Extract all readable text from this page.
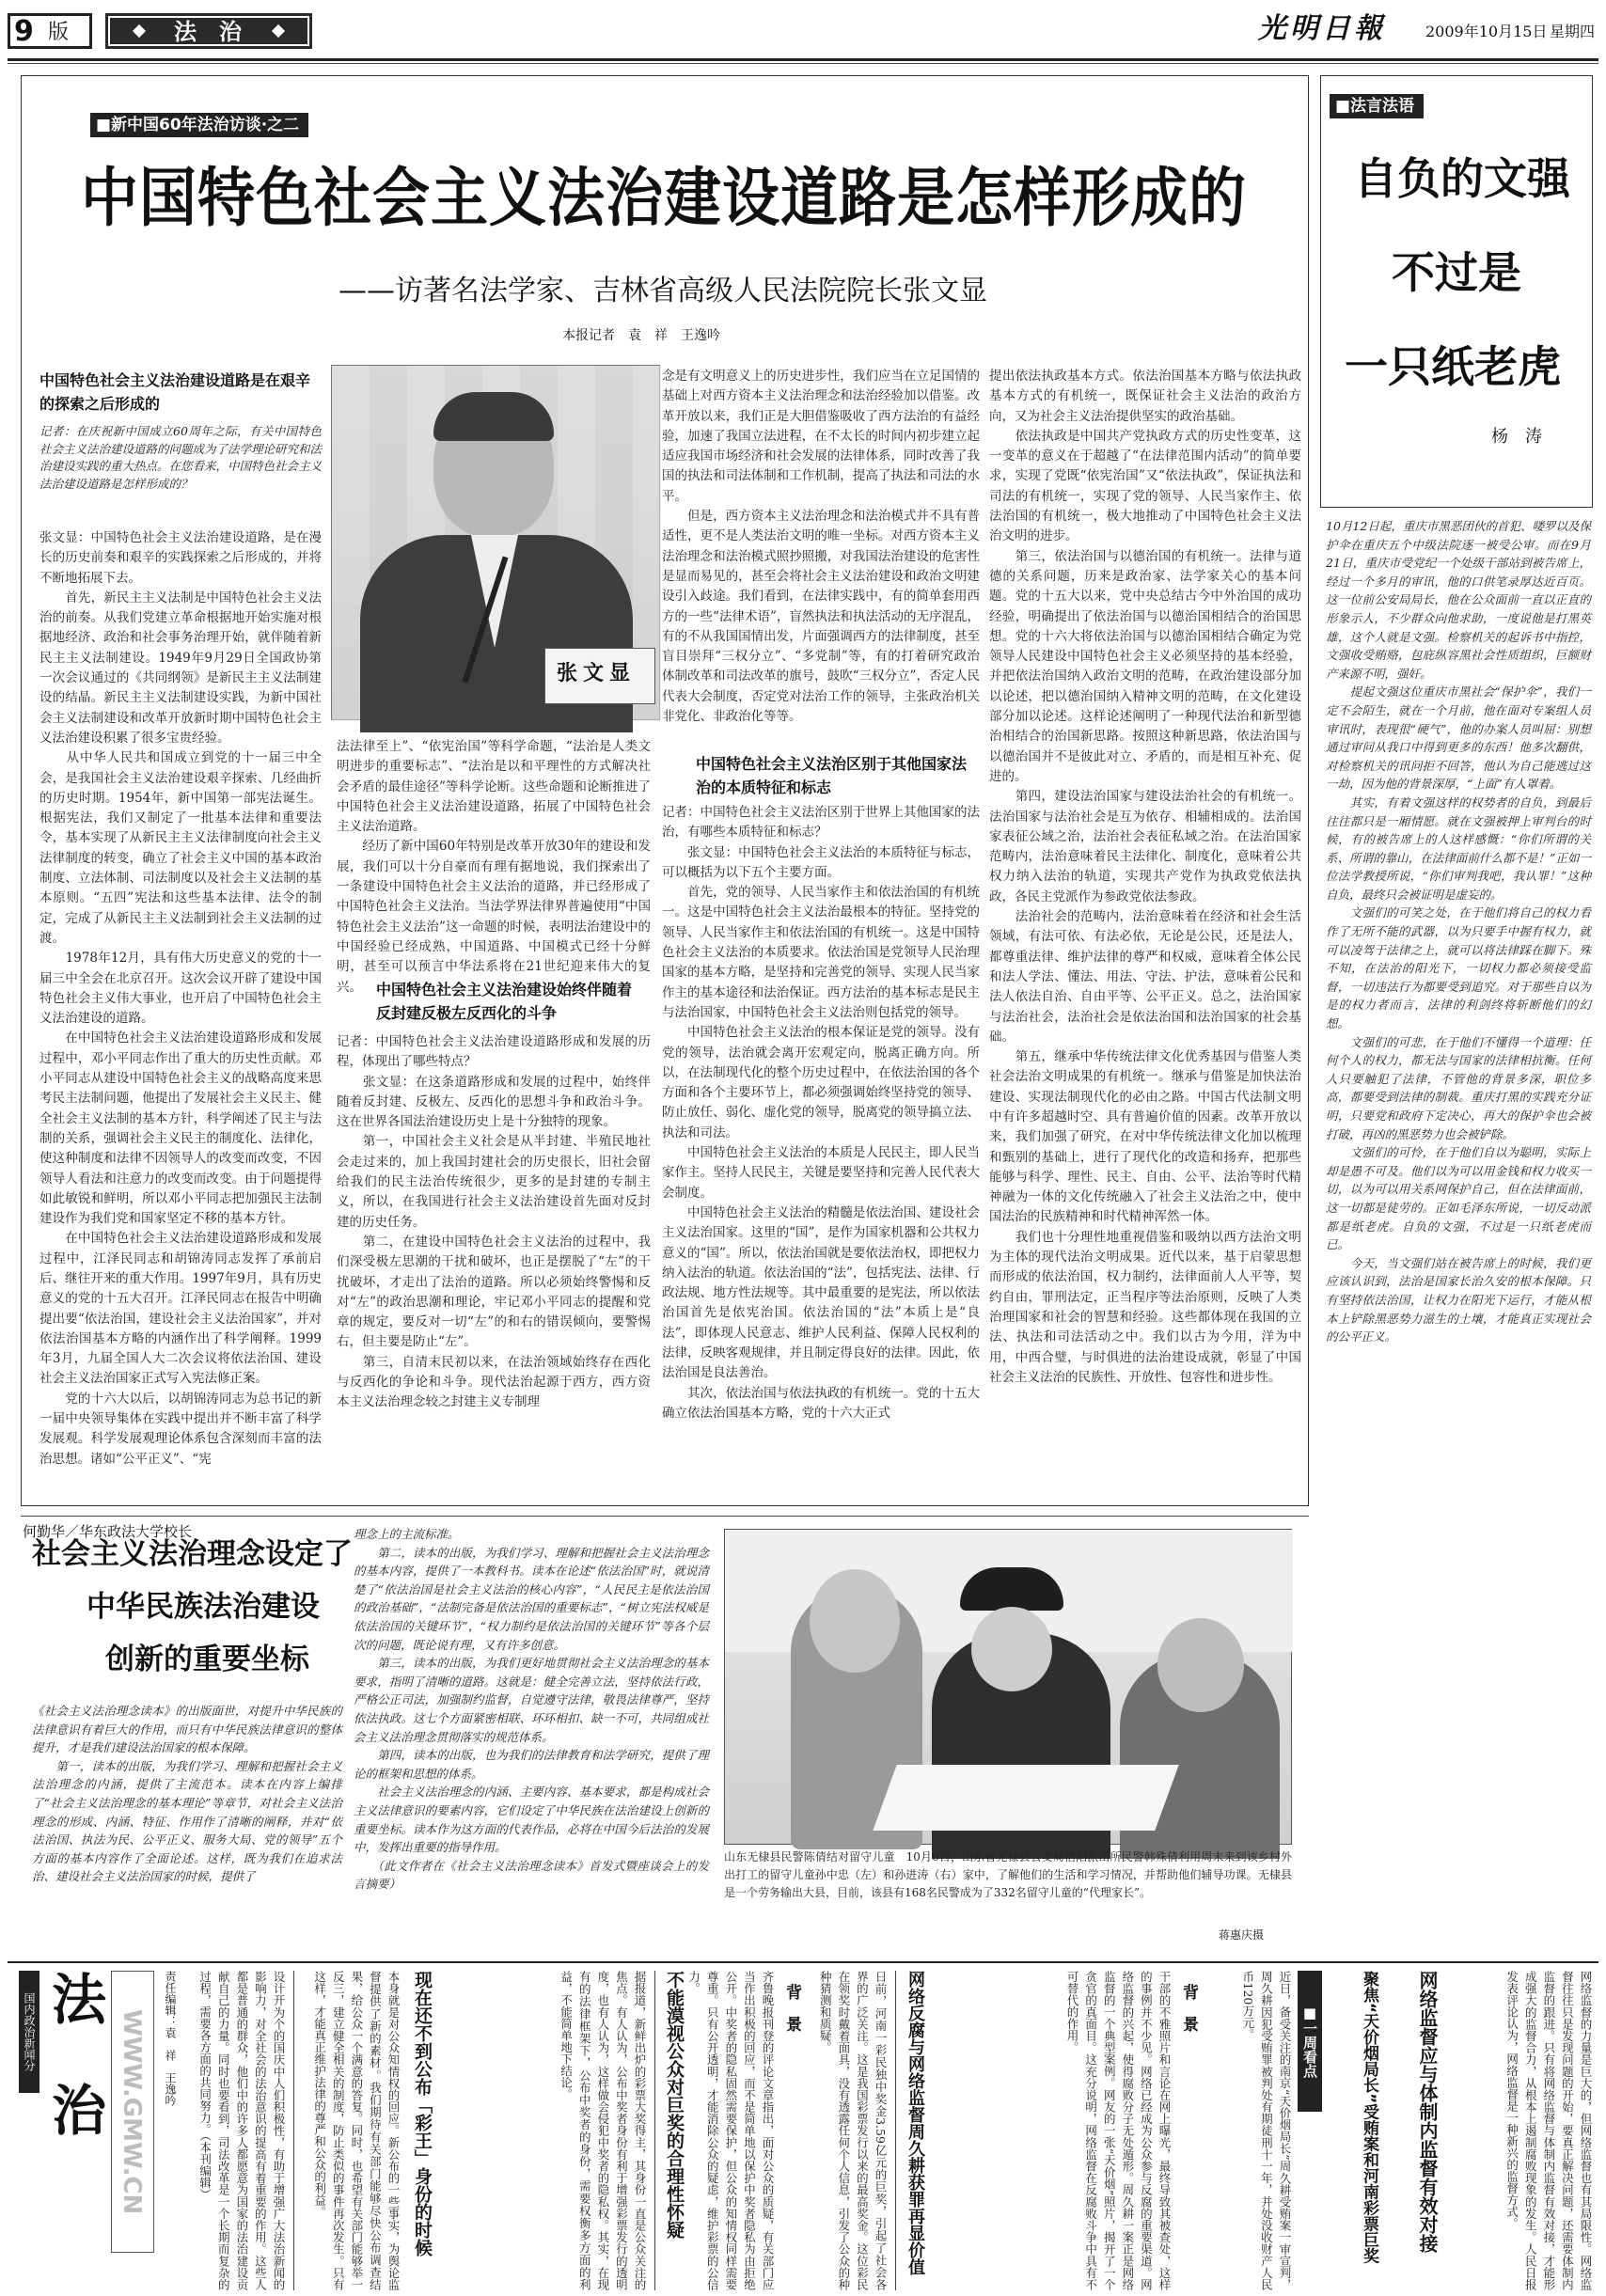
9 版	法　治	光明日報	2009年10月15日 星期四
■新中国60年法治访谈·之二
中国特色社会主义法治建设道路是怎样形成的
——访著名法学家、吉林省高级人民法院院长张文显
本报记者　袁　祥　王逸吟
张文显
中国特色社会主义法治建设道路是在艰辛的探索之后形成的
记者：在庆祝新中国成立60周年之际，有关中国特色社会主义法治建设道路的问题成为了法学理论研究和法治建设实践的重大热点。在您看来，中国特色社会主义法治建设道路是怎样形成的？
张文显：中国特色社会主义法治建设道路，是在漫长的历史前奏和艰辛的实践探索之后形成的，并将不断地拓展下去。
　　首先，新民主主义法制是中国特色社会主义法治的前奏。从我们党建立革命根据地开始实施对根据地经济、政治和社会事务治理开始，就伴随着新民主主义法制建设。1949年9月29日全国政协第一次会议通过的《共同纲领》是新民主主义法制建设的结晶。新民主主义法制建设实践，为新中国社会主义法制建设和改革开放新时期中国特色社会主义法治建设积累了很多宝贵经验。
　　从中华人民共和国成立到党的十一届三中全会，是我国社会主义法治建设艰辛探索、几经曲折的历史时期。1954年，新中国第一部宪法诞生。根据宪法，我们又制定了一批基本法律和重要法令，基本实现了从新民主主义法律制度向社会主义法律制度的转变，确立了社会主义中国的基本政治制度、立法体制、司法制度以及社会主义法制的基本原则。“五四”宪法和这些基本法律、法令的制定，完成了从新民主主义法制到社会主义法制的过渡。
　　1978年12月，具有伟大历史意义的党的十一届三中全会在北京召开。这次会议开辟了建设中国特色社会主义伟大事业，也开启了中国特色社会主义法治建设的道路。
　　在中国特色社会主义法治建设道路形成和发展过程中，邓小平同志作出了重大的历史性贡献。邓小平同志从建设中国特色社会主义的战略高度来思考民主法制问题，他提出了发展社会主义民主、健全社会主义法制的基本方针，科学阐述了民主与法制的关系，强调社会主义民主的制度化、法律化，使这种制度和法律不因领导人的改变而改变，不因领导人看法和注意力的改变而改变。由于问题提得如此敏锐和鲜明，所以邓小平同志把加强民主法制建设作为我们党和国家坚定不移的基本方针。
　　在中国特色社会主义法治建设道路形成和发展过程中，江泽民同志和胡锦涛同志发挥了承前启后、继往开来的重大作用。1997年9月，具有历史意义的党的十五大召开。江泽民同志在报告中明确提出要“依法治国，建设社会主义法治国家”，并对依法治国基本方略的内涵作出了科学阐释。1999年3月，九届全国人大二次会议将依法治国、建设社会主义法治国家正式写入宪法修正案。
　　党的十六大以后，以胡锦涛同志为总书记的新一届中央领导集体在实践中提出并不断丰富了科学发展观。科学发展观理论体系包含深刻而丰富的法治思想。诸如“公平正义”、“宪
法法律至上”、“依宪治国”等科学命题，“法治是人类文明进步的重要标志”、“法治是以和平理性的方式解决社会矛盾的最佳途径”等科学论断。这些命题和论断推进了中国特色社会主义法治建设道路，拓展了中国特色社会主义法治道路。
　　经历了新中国60年特别是改革开放30年的建设和发展，我们可以十分自豪而有理有据地说，我们探索出了一条建设中国特色社会主义法治的道路，并已经形成了中国特色社会主义法治。当法学界法律界普遍使用“中国特色社会主义法治”这一命题的时候，表明法治建设中的中国经验已经成熟，中国道路、中国模式已经十分鲜明，甚至可以预言中华法系将在21世纪迎来伟大的复兴。 中国特色社会主义法治建设始终伴随着反封建反极左反西化的斗争
记者：中国特色社会主义法治建设道路形成和发展的历程，体现出了哪些特点？
　　张文显：在这条道路形成和发展的过程中，始终伴随着反封建、反极左、反西化的思想斗争和政治斗争。这在世界各国法治建设历史上是十分独特的现象。
　　第一，中国社会主义社会是从半封建、半殖民地社会走过来的，加上我国封建社会的历史很长，旧社会留给我们的民主法治传统很少，更多的是封建的专制主义，所以，在我国进行社会主义法治建设首先面对反封建的历史任务。
　　第二，在建设中国特色社会主义法治的过程中，我们深受极左思潮的干扰和破坏，也正是摆脱了“左”的干扰破坏，才走出了法治的道路。所以必须始终警惕和反对“左”的政治思潮和理论，牢记邓小平同志的提醒和党章的规定，要反对一切“左”的和右的错误倾向，要警惕右，但主要是防止“左”。
　　第三，自清末民初以来，在法治领域始终存在西化与反西化的争论和斗争。现代法治起源于西方，西方资本主义法治理念较之封建主义专制理
念是有文明意义上的历史进步性，我们应当在立足国情的基础上对西方资本主义法治理念和法治经验加以借鉴。改革开放以来，我们正是大胆借鉴吸收了西方法治的有益经验，加速了我国立法进程，在不太长的时间内初步建立起适应我国市场经济和社会发展的法律体系，同时改善了我国的执法和司法体制和工作机制，提高了执法和司法的水平。
　　但是，西方资本主义法治理念和法治模式并不具有普适性，更不是人类法治文明的唯一坐标。对西方资本主义法治理念和法治模式照抄照搬，对我国法治建设的危害性是显而易见的，甚至会将社会主义法治建设和政治文明建设引入歧途。我们看到，在法律实践中，有的简单套用西方的一些“法律术语”，盲然执法和执法活动的无序混乱，有的不从我国国情出发，片面强调西方的法律制度，甚至盲目崇拜“三权分立”、“多党制”等，有的打着研究政治体制改革和司法改革的旗号，鼓吹“三权分立”，否定人民代表大会制度，否定党对法治工作的领导，主张政治机关非党化、非政治化等等。
中国特色社会主义法治区别于其他国家法治的本质特征和标志
记者：中国特色社会主义法治区别于世界上其他国家的法治，有哪些本质特征和标志？
　　张文显：中国特色社会主义法治的本质特征与标志，可以概括为以下五个主要方面。
　　首先，党的领导、人民当家作主和依法治国的有机统一。这是中国特色社会主义法治最根本的特征。坚持党的领导、人民当家作主和依法治国的有机统一。这是中国特色社会主义法治的本质要求。依法治国是党领导人民治理国家的基本方略，是坚持和完善党的领导、实现人民当家作主的基本途径和法治保证。西方法治的基本标志是民主与法治国家，中国特色社会主义法治则包括党的领导。
　　中国特色社会主义法治的根本保证是党的领导。没有党的领导，法治就会离开宏观定向，脱离正确方向。所以，在法制现代化的整个历史过程中，在依法治国的各个方面和各个主要环节上，都必须强调始终坚持党的领导、防止放任、弱化、虚化党的领导，脱离党的领导搞立法、执法和司法。
　　中国特色社会主义法治的本质是人民民主，即人民当家作主。坚持人民民主，关键是要坚持和完善人民代表大会制度。
　　中国特色社会主义法治的精髓是依法治国、建设社会主义法治国家。这里的“国”，是作为国家机器和公共权力意义的“国”。所以，依法治国就是要依法治权，即把权力纳入法治的轨道。依法治国的“法”，包括宪法、法律、行政法规、地方性法规等。其中最重要的是宪法，所以依法治国首先是依宪治国。依法治国的“法”本质上是“良法”，即体现人民意志、维护人民利益、保障人民权利的法律，反映客观规律，并且制定得良好的法律。因此，依法治国是良法善治。
　　其次，依法治国与依法执政的有机统一。党的十五大确立依法治国基本方略，党的十六大正式
提出依法执政基本方式。依法治国基本方略与依法执政基本方式的有机统一，既保证社会主义法治的政治方向，又为社会主义法治提供坚实的政治基础。
　　依法执政是中国共产党执政方式的历史性变革，这一变革的意义在于超越了“在法律范围内活动”的简单要求，实现了党既“依宪治国”又“依法执政”，保证执法和司法的有机统一，实现了党的领导、人民当家作主、依法治国的有机统一，极大地推动了中国特色社会主义法治文明的进步。
　　第三，依法治国与以德治国的有机统一。法律与道德的关系问题，历来是政治家、法学家关心的基本问题。党的十五大以来，党中央总结古今中外治国的成功经验，明确提出了依法治国与以德治国相结合的治国思想。党的十六大将依法治国与以德治国相结合确定为党领导人民建设中国特色社会主义必须坚持的基本经验，并把依法治国纳入政治文明的范畴，在政治建设部分加以论述，把以德治国纳入精神文明的范畴，在文化建设部分加以论述。这样论述阐明了一种现代法治和新型德治相结合的治国新思路。按照这种新思路，依法治国与以德治国并不是彼此对立、矛盾的，而是相互补充、促进的。
　　第四，建设法治国家与建设法治社会的有机统一。法治国家与法治社会是互为依存、相辅相成的。法治国家表征公域之治，法治社会表征私域之治。在法治国家范畴内，法治意味着民主法律化、制度化，意味着公共权力纳入法治的轨道，实现共产党作为执政党依法执政，各民主党派作为参政党依法参政。
　　法治社会的范畴内，法治意味着在经济和社会生活领域，有法可依、有法必依，无论是公民，还是法人，都尊重法律、维护法律的尊严和权威，意味着全体公民和法人学法、懂法、用法、守法、护法，意味着公民和法人依法自治、自由平等、公平正义。总之，法治国家与法治社会，法治社会是依法治国和法治国家的社会基础。
　　第五，继承中华传统法律文化优秀基因与借鉴人类社会法治文明成果的有机统一。继承与借鉴是加快法治建设、实现法制现代化的必由之路。中国古代法制文明中有许多超越时空、具有普遍价值的因素。改革开放以来，我们加强了研究，在对中华传统法律文化加以梳理和甄别的基础上，进行了现代化的改造和扬弃，把那些能够与科学、理性、民主、自由、公平、法治等时代精神融为一体的文化传统融入了社会主义法治之中，使中国法治的民族精神和时代精神浑然一体。
　　我们也十分理性地重视借鉴和吸纳以西方法治文明为主体的现代法治文明成果。近代以来，基于启蒙思想而形成的依法治国，权力制约，法律面前人人平等，契约自由，罪刑法定，正当程序等法治原则，反映了人类治理国家和社会的智慧和经验。这些都体现在我国的立法、执法和司法活动之中。我们以古为今用，洋为中用，中西合璧，与时俱进的法治建设成就，彰显了中国社会主义法治的民族性、开放性、包容性和进步性。
■法言法语
自负的文强
不过是
一只纸老虎
杨　涛
10月12日起，重庆市黑恶团伙的首犯、喽罗以及保护伞在重庆五个中级法院逐一被受公审。而在9月21日，重庆市受党纪一个处级干部站到被告席上，经过一个多月的审讯，他的口供笔录厚达近百页。这一位前公安局局长，他在公众面前一直以正直的形象示人，不少群众向他求助，一度说他是打黑英雄，这个人就是文强。检察机关的起诉书中指控，文强收受贿赂，包庇纵容黑社会性质组织，巨额财产来源不明，强奸。
　　提起文强这位重庆市黑社会“保护伞”，我们一定不会陌生，就在一个月前，他在面对专案组人员审讯时，表现很“硬气”，他的办案人员叫屈：别想通过审问从我口中得到更多的东西！他多次翻供，对检察机关的讯问拒不回答，他认为自己能逃过这一劫，因为他的背景深厚，“上面”有人罩着。
　　其实，有着文强这样的权势者的自负，到最后往往都只是一厢情愿。就在文强被押上审判台的时候，有的被告席上的人这样感慨：“你们所谓的关系、所谓的靠山，在法律面前什么都不是！”正如一位法学教授所说，“你们审判我吧，我认罪！”这种自负，最终只会被证明是虚妄的。
　　文强们的可笑之处，在于他们将自己的权力看作了无所不能的武器，以为只要手中握有权力，就可以凌驾于法律之上，就可以将法律踩在脚下。殊不知，在法治的阳光下，一切权力都必须接受监督，一切违法行为都要受到追究。对于那些自以为是的权力者而言，法律的利剑终将斩断他们的幻想。
　　文强们的可悲，在于他们不懂得一个道理：任何个人的权力，都无法与国家的法律相抗衡。任何人只要触犯了法律，不管他的背景多深，职位多高，都要受到法律的制裁。重庆打黑的实践充分证明，只要党和政府下定决心，再大的保护伞也会被打破，再凶的黑恶势力也会被铲除。
　　文强们的可怜，在于他们自以为聪明，实际上却是愚不可及。他们以为可以用金钱和权力收买一切，以为可以用关系网保护自己，但在法律面前，这一切都是徒劳的。正如毛泽东所说，一切反动派都是纸老虎。自负的文强，不过是一只纸老虎而已。
　　今天，当文强们站在被告席上的时候，我们更应该认识到，法治是国家长治久安的根本保障。只有坚持依法治国，让权力在阳光下运行，才能从根本上铲除黑恶势力滋生的土壤，才能真正实现社会的公平正义。
何勤华／华东政法大学校长
社会主义法治理念设定了
中华民族法治建设
创新的重要坐标
《社会主义法治理念读本》的出版面世，对提升中华民族的法律意识有着巨大的作用，而只有中华民族法律意识的整体提升，才是我们建设法治国家的根本保障。
　　第一，读本的出版，为我们学习、理解和把握社会主义法治理念的内涵，提供了主流范本。读本在内容上编排了“社会主义法治理念的基本理论”等章节，对社会主义法治理念的形成、内涵、特征、作用作了清晰的阐释，并对“依法治国、执法为民、公平正义、服务大局、党的领导”五个方面的基本内容作了全面论述。这样，既为我们在追求法治、建设社会主义法治国家的时候，提供了
理念上的主流标准。
　　第二，读本的出版，为我们学习、理解和把握社会主义法治理念的基本内容，提供了一本教科书。读本在论述“依法治国”时，就说清楚了“依法治国是社会主义法治的核心内容”，“人民民主是依法治国的政治基础”，“法制完备是依法治国的重要标志”，“树立宪法权威是依法治国的关键环节”，“权力制约是依法治国的关键环节”等各个层次的问题，既论说有理，又有许多创意。
　　第三，读本的出版，为我们更好地贯彻社会主义法治理念的基本要求，指明了清晰的道路。这就是：健全完善立法，坚持依法行政，严格公正司法，加强制约监督，自觉遵守法律，敬畏法律尊严，坚持依法执政。这七个方面紧密相联、环环相扣、缺一不可，共同组成社会主义法治理念贯彻落实的规范体系。
　　第四，读本的出版，也为我们的法律教育和法学研究，提供了理论的框架和思想的体系。
　　社会主义法治理念的内涵、主要内容、基本要求，都是构成社会主义法律意识的要素内容，它们设定了中华民族在法治建设上创新的重要坐标。读本作为这方面的代表作品，必将在中国今后法治的发展中，发挥出重要的指导作用。
　　（此文作者在《社会主义法治理念读本》首发式暨座谈会上的发言摘要）
山东无棣县民警陈倩结对留守儿童　10月6日，山东省无棣县公安局信阳派出所民警韩殊倩利用周末来到该乡村外出打工的留守儿童孙中忠（左）和孙进涛（右）家中，了解他们的生活和学习情况，并帮助他们辅导功课。无棣县是一个劳务输出大县，目前，该县有168名民警成为了332名留守儿童的“代理家长”。
蒋惠庆摄
国内政治新闻分 法治 WWW.GMW.CN	责任编辑：袁　祥　王逸吟	设计开为个的国庆中人们积极性，有助于增强广大法治新闻的影响力，对全社会的法治意识的提高有着重要的作用。这些人都是普通的群众，他们中的许多人都愿意为国家的法治建设贡献自己的力量。同时也要看到，司法改革是一个长期而复杂的过程，需要各方面的共同努力。（本刊编辑）	本身就是对公众知情权的回应。新公布的一些事实，为舆论监督提供了新的素材。我们期待有关部门能够尽快公布调查结果，给公众一个满意的答复。同时，也希望有关部门能够举一反三，建立健全相关的制度，防止类似的事件再次发生。只有这样，才能真正维护法律的尊严和公众的利益。	现在还不到公布「彩王」身份的时候	据报道，新鲜出炉的彩票大奖得主，其身份一直是公众关注的焦点。有人认为，公布中奖者身份有利于增强彩票发行的透明度，也有人认为，这样做会侵犯中奖者的隐私权。其实，在现有的法律框架下，公布中奖者的身份，需要权衡多方面的利益，不能简单地下结论。	不能漠视公众对巨奖的合理性怀疑	齐鲁晚报刊登的评论文章指出，面对公众的质疑，有关部门应当作出积极的回应，而不是简单地以保护中奖者隐私为由拒绝公开。中奖者的隐私固然需要保护，但公众的知情权同样需要尊重。只有公开透明，才能消除公众的疑虑，维护彩票的公信力。
背　景	日前，河南一彩民独中奖金3.59亿元的巨奖，引起了社会各界的广泛关注。这是我国彩票发行以来的最高奖金。这位彩民在领奖时戴着面具，没有透露任何个人信息，引发了公众的种种猜测和质疑。	网络反腐与网络监督周久耕获罪再显价值	干部的不雅照片和言论在网上曝光，最终导致其被查处，这样的事例并不少见。网络已经成为公众参与反腐的重要渠道。网络监督的兴起，使得腐败分子无处遁形。周久耕一案正是网络监督的一个典型案例。网友的一张“天价烟”照片，揭开了一个贪官的真面目。这充分说明，网络监督在反腐败斗争中具有不可替代的作用。	背　景	近日，备受关注的南京“天价烟局长”周久耕受贿案一审宣判，周久耕因犯受贿罪被判处有期徒刑十一年，并处没收财产人民币120万元。	■一周看点	聚焦“天价烟局长”受贿案和河南彩票巨奖	网络监督应与体制内监督有效对接	网络监督的力量是巨大的，但网络监督也有其局限性。网络监督往往只是发现问题的开始，要真正解决问题，还需要体制内监督的跟进。只有将网络监督与体制内监督有效对接，才能形成强大的监督合力，从根本上遏制腐败现象的发生。人民日报发表评论认为，网络监督是一种新兴的监督方式。
